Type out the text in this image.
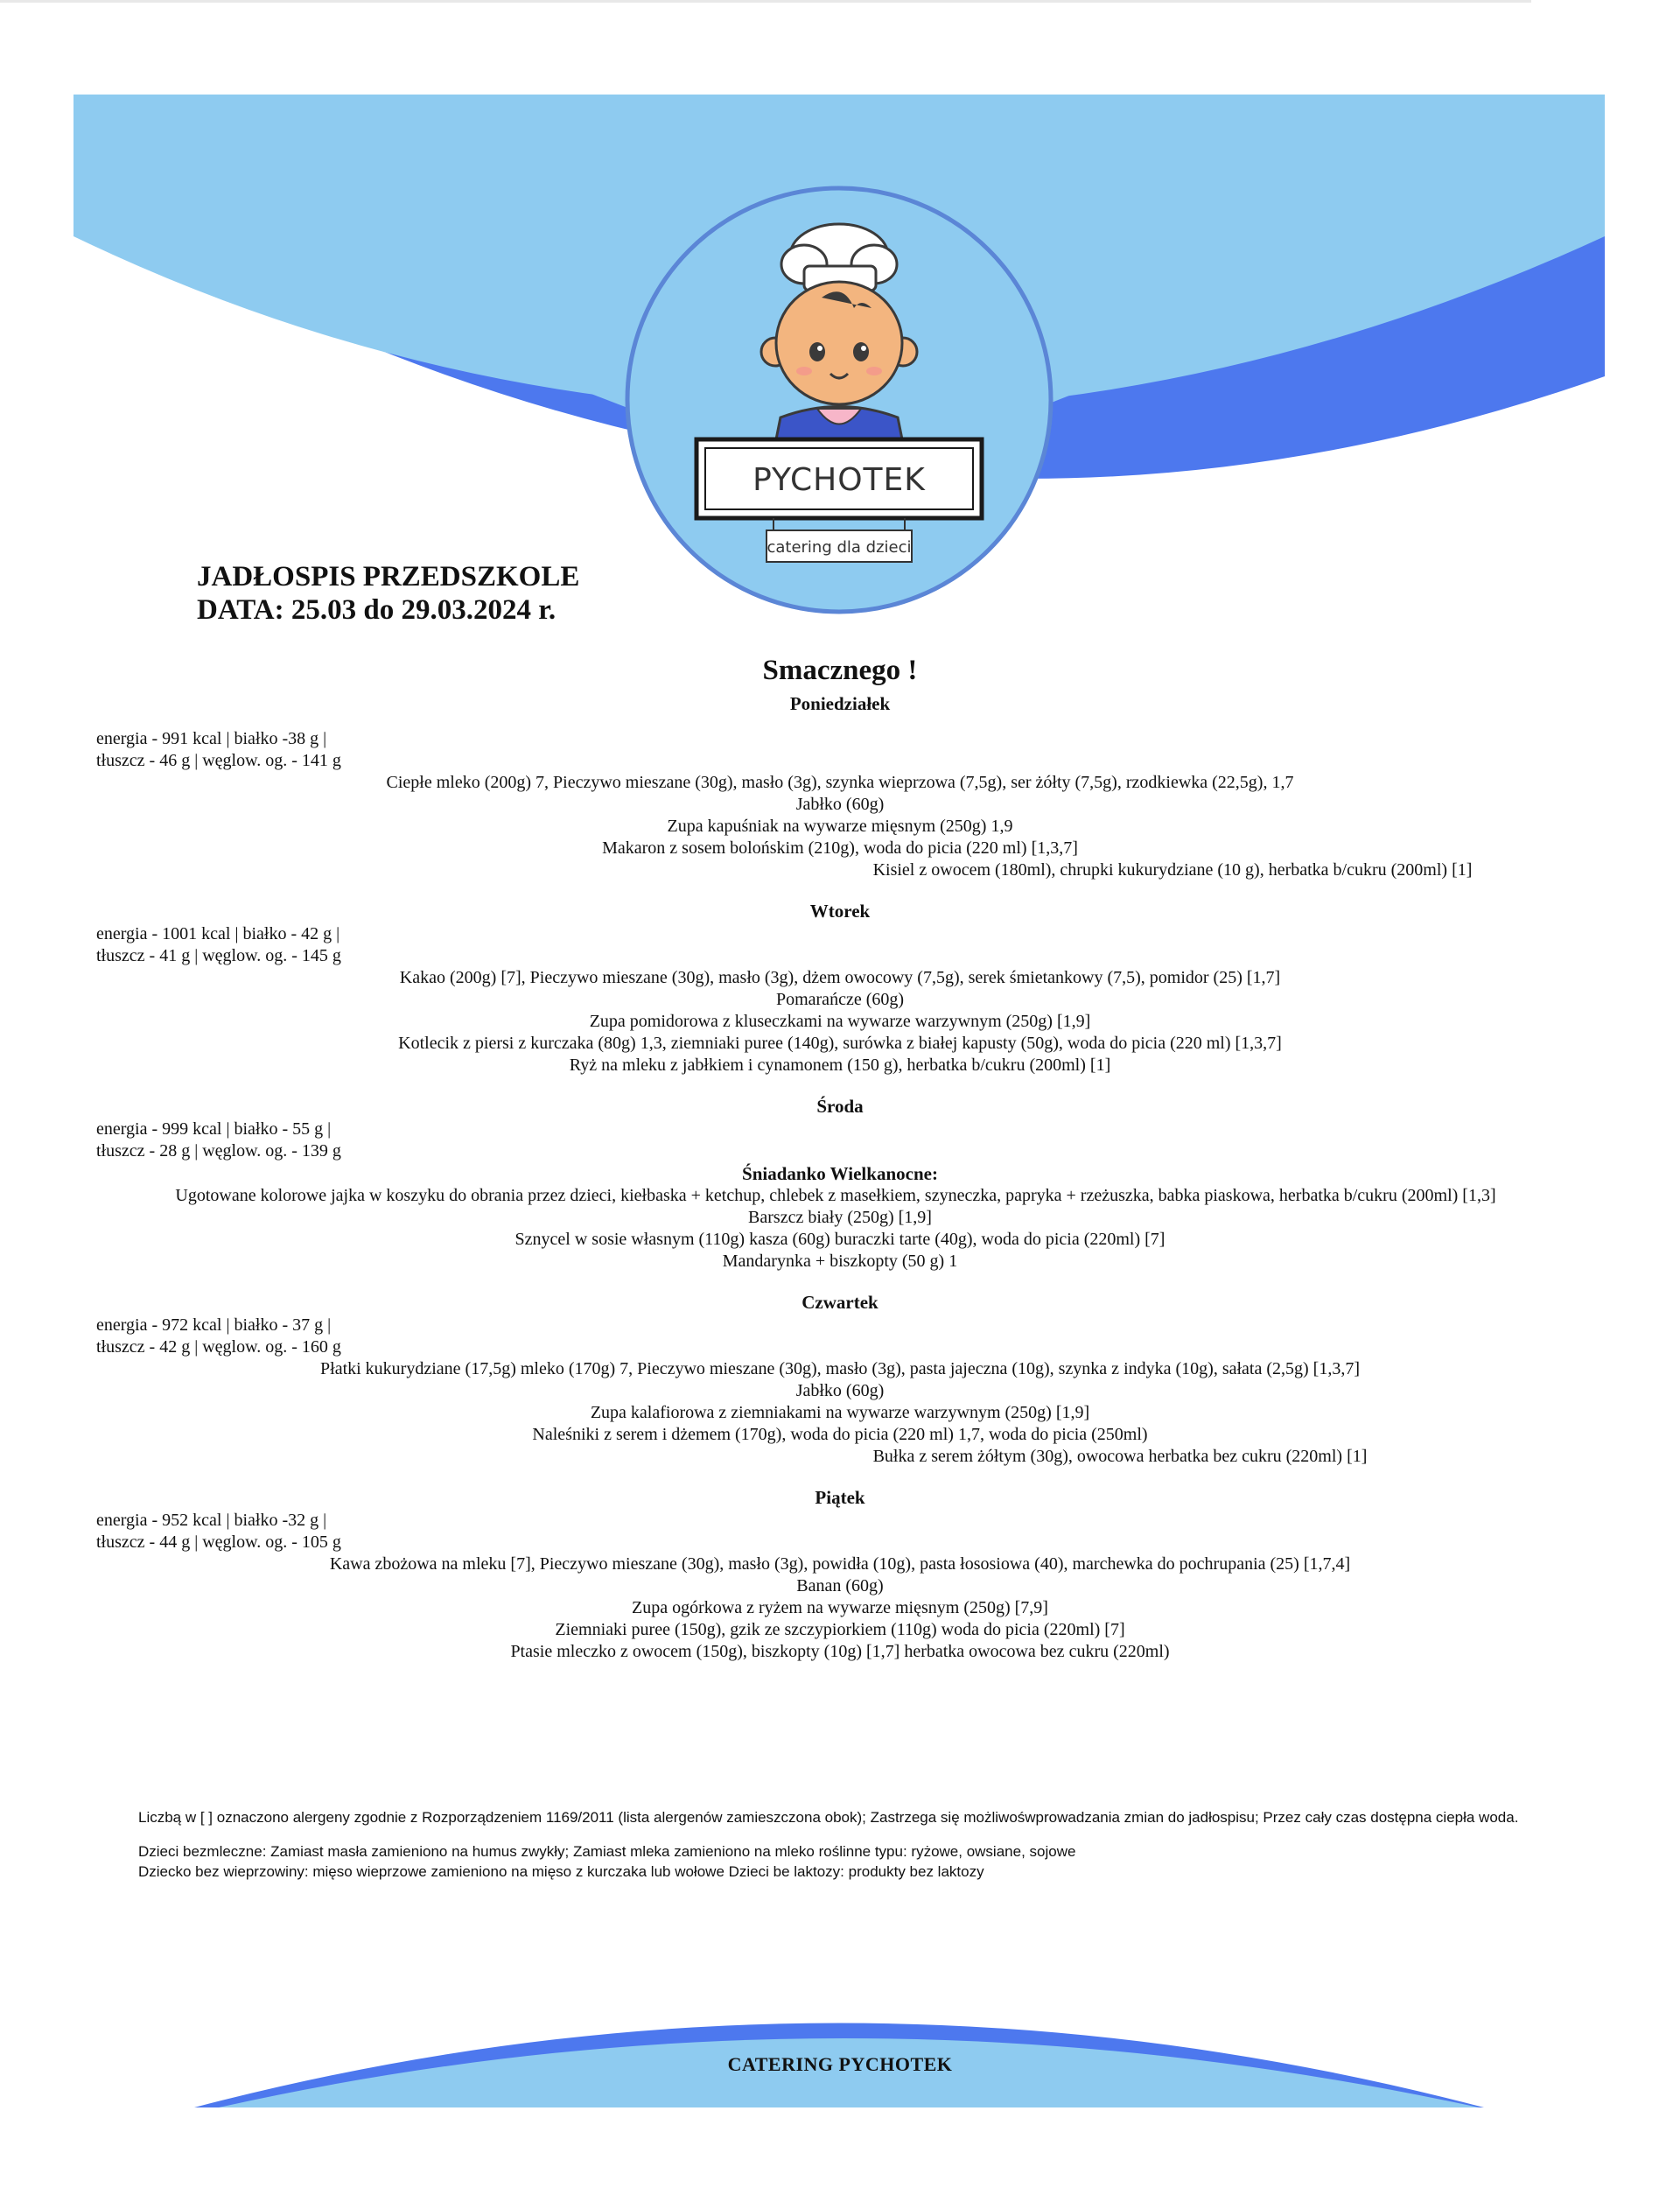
PYCHOTEK
catering dla dzieci
JADŁOSPIS PRZEDSZKOLE
DATA: 25.03 do 29.03.2024 r.
Smacznego !
Poniedziałek
energia - 991 kcal | białko -38 g |
tłuszcz - 46 g | węglow. og. - 141 g
Ciepłe mleko (200g) 7, Pieczywo mieszane (30g), masło (3g), szynka wieprzowa (7,5g), ser żółty (7,5g), rzodkiewka (22,5g), 1,7
Jabłko (60g)
Zupa kapuśniak na wywarze mięsnym (250g) 1,9
Makaron z sosem bolońskim (210g), woda do picia (220 ml) [1,3,7]
Kisiel z owocem (180ml), chrupki kukurydziane (10 g), herbatka b/cukru (200ml) [1]
Wtorek
energia - 1001 kcal | białko - 42 g |
tłuszcz - 41 g | węglow. og. - 145 g
Kakao (200g) [7], Pieczywo mieszane (30g), masło (3g), dżem owocowy (7,5g), serek śmietankowy (7,5), pomidor (25) [1,7]
Pomarańcze (60g)
Zupa pomidorowa z kluseczkami na wywarze warzywnym (250g) [1,9]
Kotlecik z piersi z kurczaka (80g) 1,3, ziemniaki puree (140g), surówka z białej kapusty (50g), woda do picia (220 ml) [1,3,7]
Ryż na mleku z jabłkiem i cynamonem (150 g), herbatka b/cukru (200ml) [1]
Środa
energia - 999 kcal | białko - 55 g |
tłuszcz - 28 g | węglow. og. - 139 g
Śniadanko Wielkanocne:
Ugotowane kolorowe jajka w koszyku do obrania przez dzieci, kiełbaska + ketchup, chlebek z masełkiem, szyneczka, papryka + rzeżuszka, babka piaskowa, herbatka b/cukru (200ml) [1,3]
Barszcz biały (250g) [1,9]
Sznycel w sosie własnym (110g) kasza (60g) buraczki tarte (40g), woda do picia (220ml) [7]
Mandarynka + biszkopty (50 g) 1
Czwartek
energia - 972 kcal | białko - 37 g |
tłuszcz - 42 g | węglow. og. - 160 g
Płatki kukurydziane (17,5g) mleko (170g) 7, Pieczywo mieszane (30g), masło (3g), pasta jajeczna (10g), szynka z indyka (10g), sałata (2,5g) [1,3,7]
Jabłko (60g)
Zupa kalafiorowa z ziemniakami na wywarze warzywnym (250g) [1,9]
Naleśniki z serem i dżemem (170g), woda do picia (220 ml) 1,7, woda do picia (250ml)
Bułka z serem żółtym (30g), owocowa herbatka bez cukru (220ml) [1]
Piątek
energia - 952 kcal | białko -32 g |
tłuszcz - 44 g | węglow. og. - 105 g
Kawa zbożowa na mleku [7], Pieczywo mieszane (30g), masło (3g), powidła (10g), pasta łososiowa (40), marchewka do pochrupania (25) [1,7,4]
Banan (60g)
Zupa ogórkowa z ryżem na wywarze mięsnym (250g) [7,9]
Ziemniaki puree (150g), gzik ze szczypiorkiem (110g) woda do picia (220ml) [7]
Ptasie mleczko z owocem (150g), biszkopty (10g) [1,7] herbatka owocowa bez cukru (220ml)

Liczbą w [ ] oznaczono alergeny zgodnie z Rozporządzeniem 1169/2011 (lista alergenów zamieszczona obok); Zastrzega się możliwośwprowadzania zmian do jadłospisu; Przez cały czas dostępna ciepła woda.

Dzieci bezmleczne: Zamiast masła zamieniono na humus zwykły; Zamiast mleka zamieniono na mleko roślinne typu: ryżowe, owsiane, sojowe
Dziecko bez wieprzowiny: mięso wieprzowe zamieniono na mięso z kurczaka lub wołowe Dzieci be laktozy: produkty bez laktozy

CATERING PYCHOTEK
